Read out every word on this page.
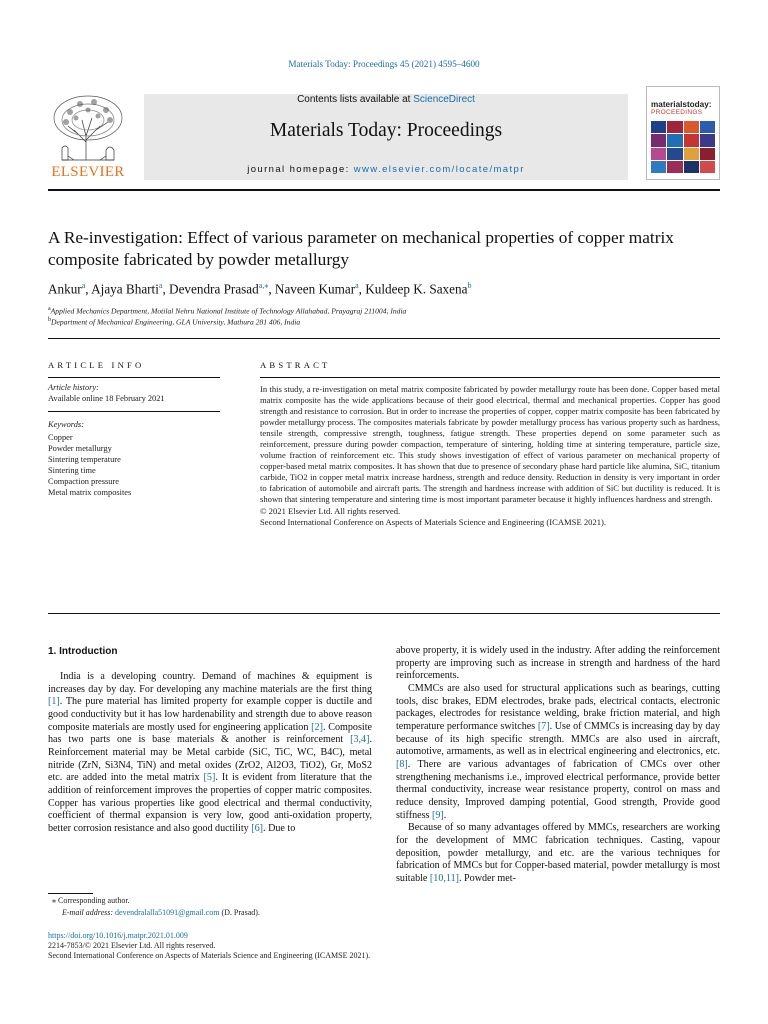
Materials Today: Proceedings 45 (2021) 4595–4600
ELSEVIER
Contents lists available at ScienceDirect
Materials Today: Proceedings
journal homepage: www.elsevier.com/locate/matpr
materialstoday:
PROCEEDINGS
A Re-investigation: Effect of various parameter on mechanical properties of copper matrix composite fabricated by powder metallurgy
Ankur$^a$, Ajaya Bharti$^a$, Devendra Prasad$^{a,⁎}$, Naveen Kumar$^a$, Kuldeep K. Saxena$^b$
$^a$Applied Mechanics Department, Motilal Nehru National Institute of Technology Allahabad, Prayagraj 211004, India
$^b$Department of Mechanical Engineering, GLA University, Mathura 281 406, India
ARTICLE INFO
Article history:
Available online 18 February 2021
Keywords:
Copper
Powder metallurgy
Sintering temperature
Sintering time
Compaction pressure
Metal matrix composites
ABSTRACT
In this study, a re-investigation on metal matrix composite fabricated by powder metallurgy route has been done. Copper based metal matrix composite has the wide applications because of their good electrical, thermal and mechanical properties. Copper has good strength and resistance to corrosion. But in order to increase the properties of copper, copper matrix composite has been fabricated by powder metallurgy process. The composites materials fabricate by powder metallurgy process has various property such as hardness, tensile strength, compressive strength, toughness, fatigue strength. These properties depend on some parameter such as reinforcement, pressure during powder compaction, temperature of sintering, holding time at sintering temperature, particle size, volume fraction of reinforcement etc. This study shows investigation of effect of various parameter on mechanical property of copper-based metal matrix composites. It has shown that due to presence of secondary phase hard particle like alumina, SiC, titanium carbide, TiO2 in copper metal matrix increase hardness, strength and reduce density. Reduction in density is very important in order to fabrication of automobile and aircraft parts. The strength and hardness increase with addition of SiC but ductility is reduced. It is shown that sintering temperature and sintering time is most important parameter because it highly influences hardness and strength.
© 2021 Elsevier Ltd. All rights reserved.
Second International Conference on Aspects of Materials Science and Engineering (ICAMSE 2021).
1. Introduction

India is a developing country. Demand of machines & equipment is increases day by day. For developing any machine materials are the first thing [1]. The pure material has limited property for example copper is ductile and good conductivity but it has low hardenability and strength due to above reason composite materials are mostly used for engineering application [2]. Composite has two parts one is base materials & another is reinforcement [3,4]. Reinforcement material may be Metal carbide (SiC, TiC, WC, B4C), metal nitride (ZrN, Si3N4, TiN) and metal oxides (ZrO2, Al2O3, TiO2), Gr, MoS2 etc. are added into the metal matrix [5]. It is evident from literature that the addition of reinforcement improves the properties of copper matric composites. Copper has various properties like good electrical and thermal conductivity, coefficient of thermal expansion is very low, good anti-oxidation property, better corrosion resistance and also good ductility [6]. Due to

above property, it is widely used in the industry. After adding the reinforcement property are improving such as increase in strength and hardness of the hard reinforcements.

CMMCs are also used for structural applications such as bearings, cutting tools, disc brakes, EDM electrodes, brake pads, electrical contacts, electronic packages, electrodes for resistance welding, brake friction material, and high temperature performance switches [7]. Use of CMMCs is increasing day by day because of its high specific strength. MMCs are also used in aircraft, automotive, armaments, as well as in electrical engineering and electronics, etc. [8]. There are various advantages of fabrication of CMCs over other strengthening mechanisms i.e., improved electrical performance, provide better thermal conductivity, increase wear resistance property, control on mass and reduce density, Improved damping potential, Good strength, Provide good stiffness [9].

Because of so many advantages offered by MMCs, researchers are working for the development of MMC fabrication techniques. Casting, vapour deposition, powder metallurgy, and etc. are the various techniques for fabrication of MMCs but for Copper-based material, powder metallurgy is most suitable [10,11]. Powder met-

⁎ Corresponding author.
E-mail address: devendralalla51091@gmail.com (D. Prasad).
https://doi.org/10.1016/j.matpr.2021.01.009
2214-7853/© 2021 Elsevier Ltd. All rights reserved.
Second International Conference on Aspects of Materials Science and Engineering (ICAMSE 2021).
